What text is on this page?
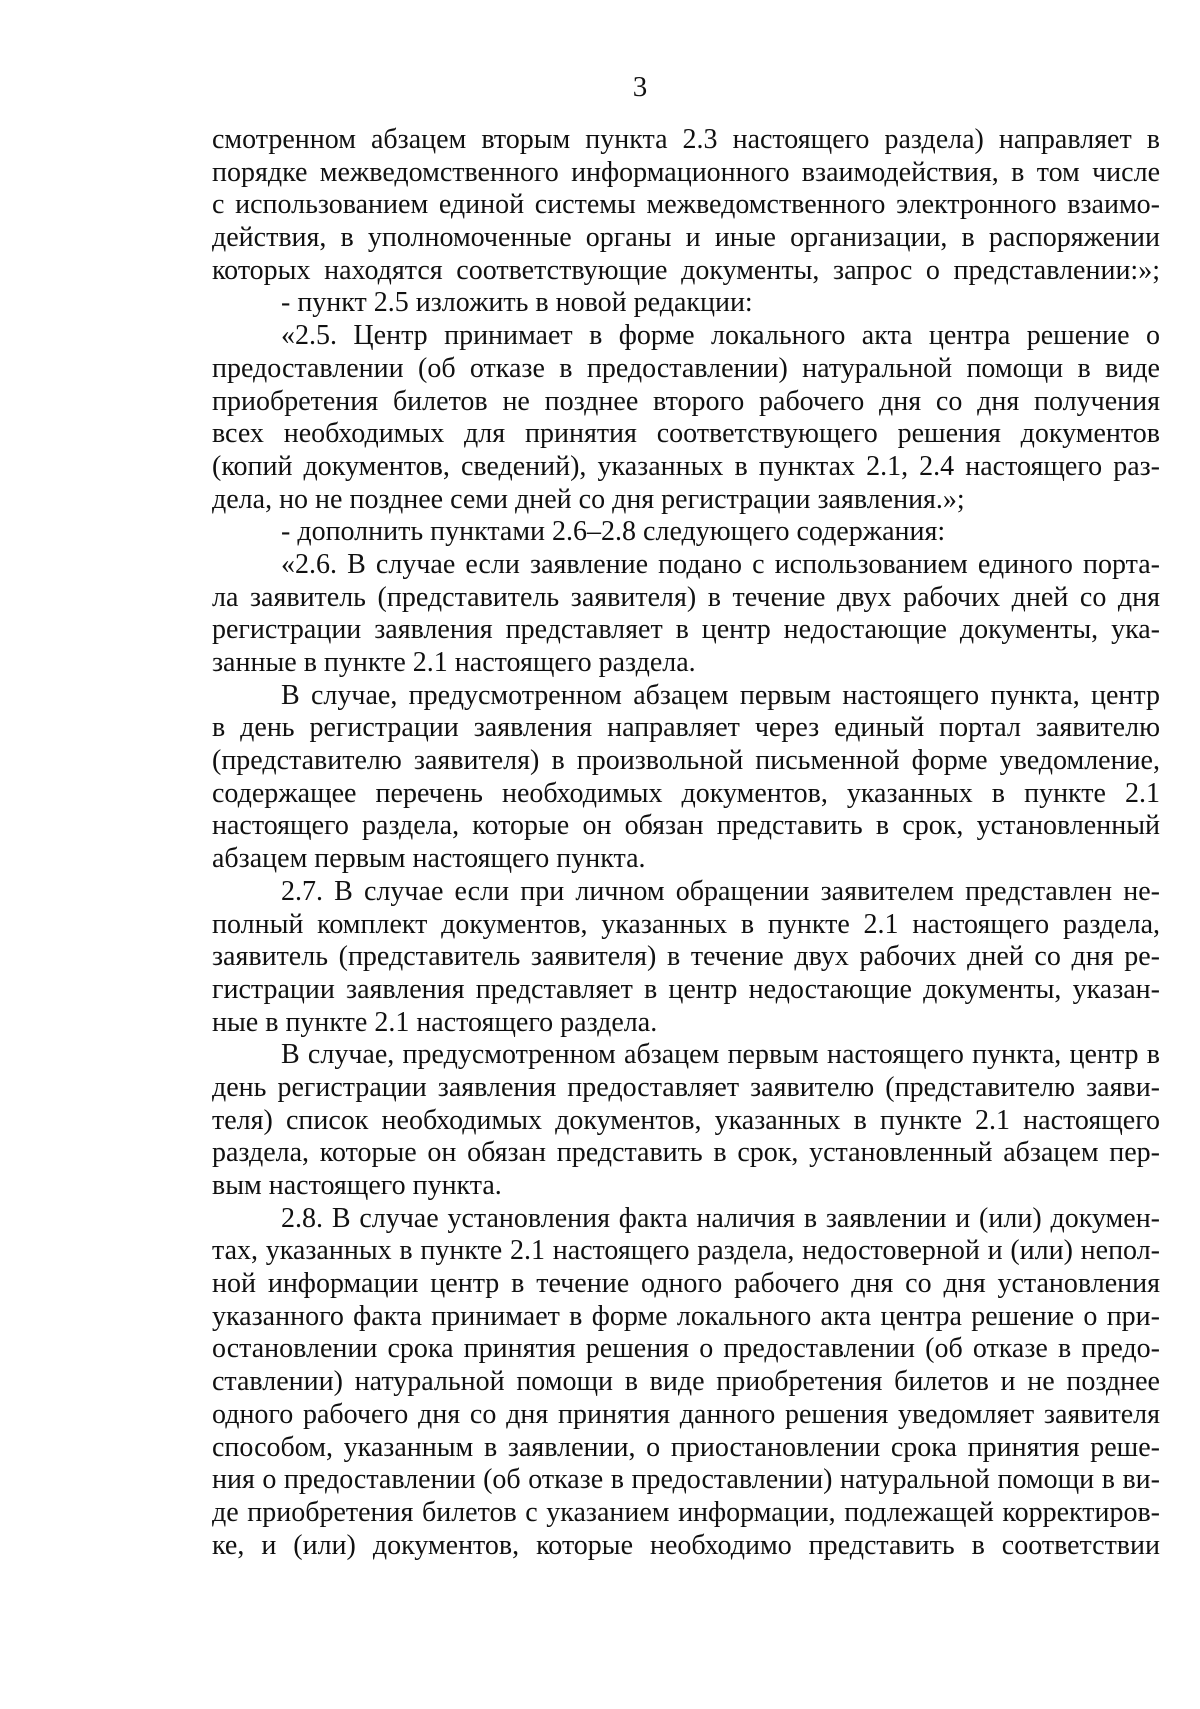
3
смотренном абзацем вторым пункта 2.3 настоящего раздела) направляет в
порядке межведомственного информационного взаимодействия, в том числе
с использованием единой системы межведомственного электронного взаимо-
действия, в уполномоченные органы и иные организации, в распоряжении
которых находятся соответствующие документы, запрос о представлении:»;
- пункт 2.5 изложить в новой редакции:
«2.5. Центр принимает в форме локального акта центра решение о
предоставлении (об отказе в предоставлении) натуральной помощи в виде
приобретения билетов не позднее второго рабочего дня со дня получения
всех необходимых для принятия соответствующего решения документов
(копий документов, сведений), указанных в пунктах 2.1, 2.4 настоящего раз-
дела, но не позднее семи дней со дня регистрации заявления.»;
- дополнить пунктами 2.6–2.8 следующего содержания:
«2.6. В случае если заявление подано с использованием единого порта-
ла заявитель (представитель заявителя) в течение двух рабочих дней со дня
регистрации заявления представляет в центр недостающие документы, ука-
занные в пункте 2.1 настоящего раздела.
В случае, предусмотренном абзацем первым настоящего пункта, центр
в день регистрации заявления направляет через единый портал заявителю
(представителю заявителя) в произвольной письменной форме уведомление,
содержащее перечень необходимых документов, указанных в пункте 2.1
настоящего раздела, которые он обязан представить в срок, установленный
абзацем первым настоящего пункта.
2.7. В случае если при личном обращении заявителем представлен не-
полный комплект документов, указанных в пункте 2.1 настоящего раздела,
заявитель (представитель заявителя) в течение двух рабочих дней со дня ре-
гистрации заявления представляет в центр недостающие документы, указан-
ные в пункте 2.1 настоящего раздела.
В случае, предусмотренном абзацем первым настоящего пункта, центр в
день регистрации заявления предоставляет заявителю (представителю заяви-
теля) список необходимых документов, указанных в пункте 2.1 настоящего
раздела, которые он обязан представить в срок, установленный абзацем пер-
вым настоящего пункта.
2.8. В случае установления факта наличия в заявлении и (или) докумен-
тах, указанных в пункте 2.1 настоящего раздела, недостоверной и (или) непол-
ной информации центр в течение одного рабочего дня со дня установления
указанного факта принимает в форме локального акта центра решение о при-
остановлении срока принятия решения о предоставлении (об отказе в предо-
ставлении) натуральной помощи в виде приобретения билетов и не позднее
одного рабочего дня со дня принятия данного решения уведомляет заявителя
способом, указанным в заявлении, о приостановлении срока принятия реше-
ния о предоставлении (об отказе в предоставлении) натуральной помощи в ви-
де приобретения билетов с указанием информации, подлежащей корректиров-
ке, и (или) документов, которые необходимо представить в соответствии
